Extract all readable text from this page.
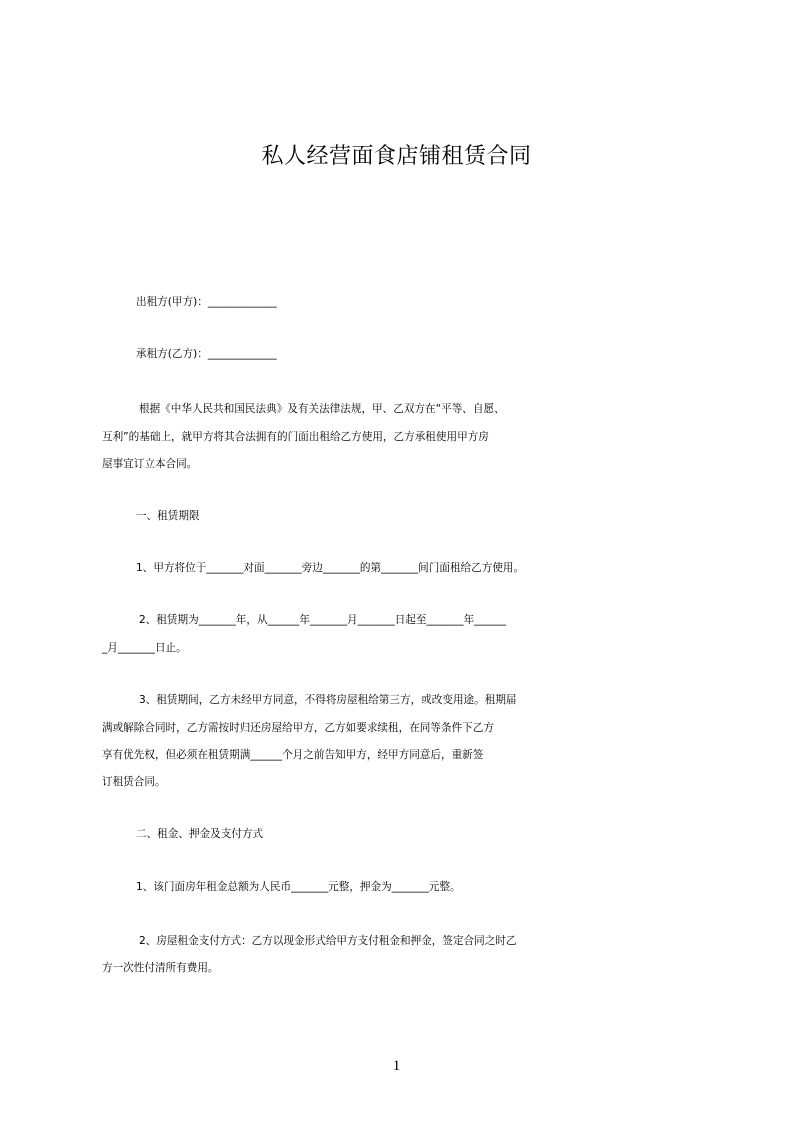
私人经营面食店铺租赁合同
出租方(甲方)：_____________
承租方(乙方)：_____________
根据《中华人民共和国民法典》及有关法律法规，甲、乙双方在“平等、自愿、
互利”的基础上，就甲方将其合法拥有的门面出租给乙方使用，乙方承租使用甲方房
屋事宜订立本合同。
一、租赁期限
1、甲方将位于_______对面_______旁边_______的第_______间门面租给乙方使用。
2、租赁期为_______年，从______年_______月_______日起至_______年______
_月_______日止。
3、租赁期间，乙方未经甲方同意，不得将房屋租给第三方，或改变用途。租期届
满或解除合同时，乙方需按时归还房屋给甲方，乙方如要求续租，在同等条件下乙方
享有优先权，但必须在租赁期满______个月之前告知甲方，经甲方同意后，重新签
订租赁合同。
二、租金、押金及支付方式
1、该门面房年租金总额为人民币_______元整，押金为_______元整。
2、房屋租金支付方式：乙方以现金形式给甲方支付租金和押金，签定合同之时乙
方一次性付清所有费用。
1
